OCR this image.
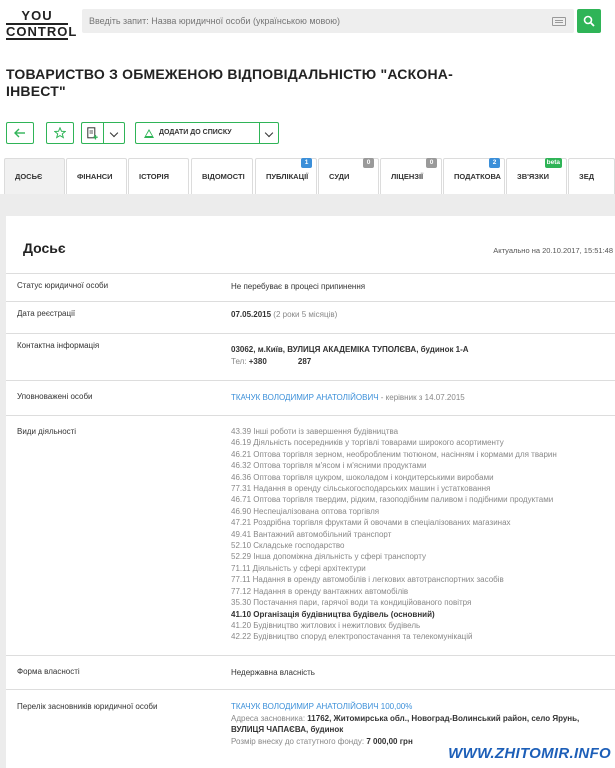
YOU
CONTROL
Введіть запит: Назва юридичної особи (українською мовою)
ТОВАРИСТВО З ОБМЕЖЕНОЮ ВІДПОВІДАЛЬНІСТЮ "АСКОНА-
ІНВЕСТ"
ДОДАТИ ДО СПИСКУ
ДОСЬЄ	ФІНАНСИ	ІСТОРІЯ	ВІДОМОСТІ	ПУБЛІКАЦІЇ
1
СУДИ
0
ЛІЦЕНЗІЇ
0
ПОДАТКОВА
2
ЗВ'ЯЗКИ
beta
ЗЕД
Досьє	Актуально на 20.10.2017, 15:51:48
Статус юридичної особи	Не перебуває в процесі припинення
Дата реєстрації	07.05.2015 (2 роки 5 місяців)
Контактна інформація	03062, м.Київ, ВУЛИЦЯ АКАДЕМІКА ТУПОЛЄВА, будинок 1-А
Тел: +380              287
Уповноважені особи	ТКАЧУК ВОЛОДИМИР АНАТОЛІЙОВИЧ - керівник з 14.07.2015
Види діяльності	43.39 Інші роботи із завершення будівництва
46.19 Діяльність посередників у торгівлі товарами широкого асортименту
46.21 Оптова торгівля зерном, необробленим тютюном, насінням і кормами для тварин
46.32 Оптова торгівля м'ясом і м'ясними продуктами
46.36 Оптова торгівля цукром, шоколадом і кондитерськими виробами
77.31 Надання в оренду сільськогосподарських машин і устатковання
46.71 Оптова торгівля твердим, рідким, газоподібним паливом і подібними продуктами
46.90 Неспеціалізована оптова торгівля
47.21 Роздрібна торгівля фруктами й овочами в спеціалізованих магазинах
49.41 Вантажний автомобільний транспорт
52.10 Складське господарство
52.29 Інша допоміжна діяльність у сфері транспорту
71.11 Діяльність у сфері архітектури
77.11 Надання в оренду автомобілів і легкових автотранспортних засобів
77.12 Надання в оренду вантажних автомобілів
35.30 Постачання пари, гарячої води та кондиційованого повітря
41.10 Організація будівництва будівель (основний)
41.20 Будівництво житлових і нежитлових будівель
42.22 Будівництво споруд електропостачання та телекомунікацій
Форма власності	Недержавна власність
Перелік засновників юридичної особи	ТКАЧУК ВОЛОДИМИР АНАТОЛІЙОВИЧ 100,00%
Адреса засновника: 11762, Житомирська обл., Новоград-Волинський район, село Ярунь,
ВУЛИЦЯ ЧАПАЄВА, будинок
Розмір внеску до статутного фонду: 7 000,00 грн
WWW.ZHITOMIR.INFO
